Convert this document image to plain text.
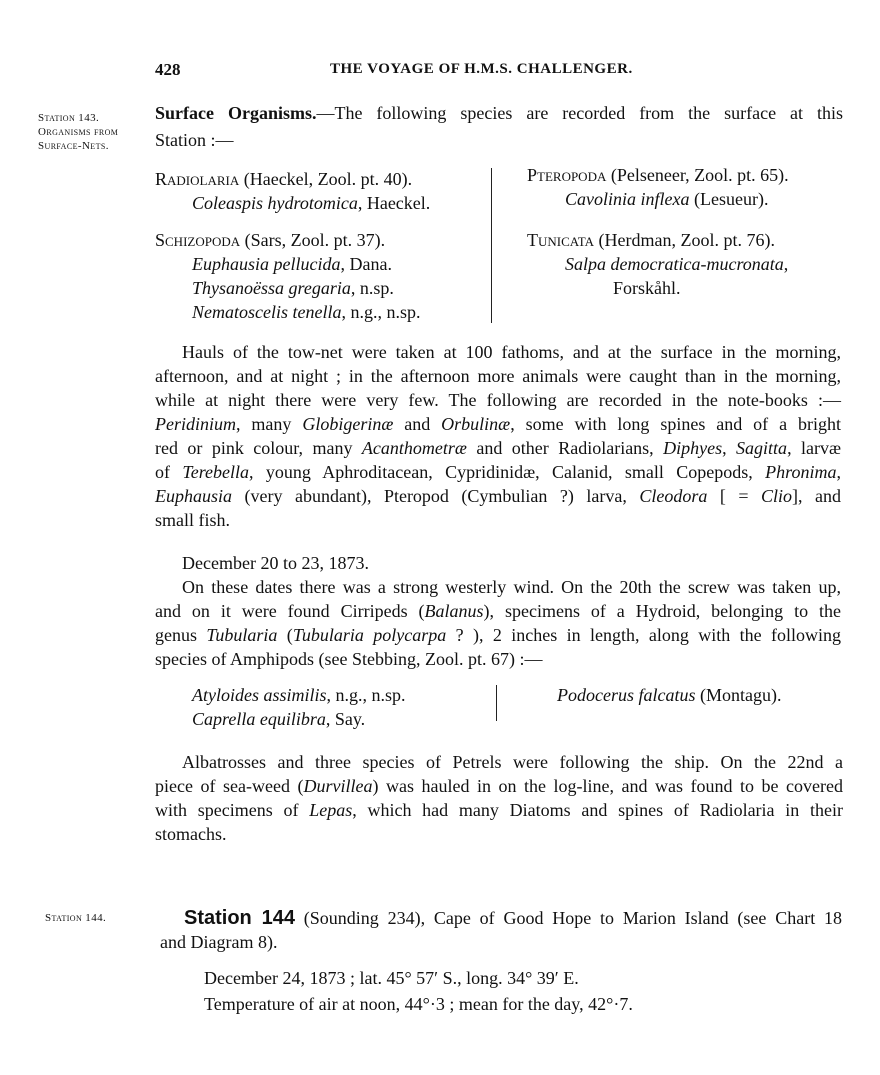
428	THE VOYAGE OF H.M.S. CHALLENGER.
Station 143.
Organisms from
Surface-Nets.
Surface Organisms.—The following species are recorded from the surface at this
Station :—
Radiolaria (Haeckel, Zool. pt. 40).
Coleaspis hydrotomica, Haeckel.
Schizopoda (Sars, Zool. pt. 37).
Euphausia pellucida, Dana.
Thysanoëssa gregaria, n.sp.
Nematoscelis tenella, n.g., n.sp.
Pteropoda (Pelseneer, Zool. pt. 65).
Cavolinia inflexa (Lesueur).
Tunicata (Herdman, Zool. pt. 76).
Salpa democratica-mucronata,
Forskåhl.
Hauls of the tow-net were taken at 100 fathoms, and at the surface in the morning,
afternoon, and at night ; in the afternoon more animals were caught than in the morning,
while at night there were very few. The following are recorded in the note-books :—
Peridinium, many Globigerinæ and Orbulinæ, some with long spines and of a bright
red or pink colour, many Acanthometræ and other Radiolarians, Diphyes, Sagitta, larvæ
of Terebella, young Aphroditacean, Cypridinidæ, Calanid, small Copepods, Phronima,
Euphausia (very abundant), Pteropod (Cymbulian ?) larva, Cleodora [ = Clio], and
small fish.
December 20 to 23, 1873.
On these dates there was a strong westerly wind. On the 20th the screw was taken up,
and on it were found Cirripeds (Balanus), specimens of a Hydroid, belonging to the
genus Tubularia (Tubularia polycarpa ? ), 2 inches in length, along with the following
species of Amphipods (see Stebbing, Zool. pt. 67) :—
Atyloides assimilis, n.g., n.sp.
Caprella equilibra, Say.
Podocerus falcatus (Montagu).
Albatrosses and three species of Petrels were following the ship. On the 22nd a
piece of sea-weed (Durvillea) was hauled in on the log-line, and was found to be covered
with specimens of Lepas, which had many Diatoms and spines of Radiolaria in their
stomachs.
Station 144.	Station 144 (Sounding 234), Cape of Good Hope to Marion Island (see Chart 18
and Diagram 8).
December 24, 1873 ; lat. 45° 57′ S., long. 34° 39′ E.
Temperature of air at noon, 44°·3 ; mean for the day, 42°·7.
